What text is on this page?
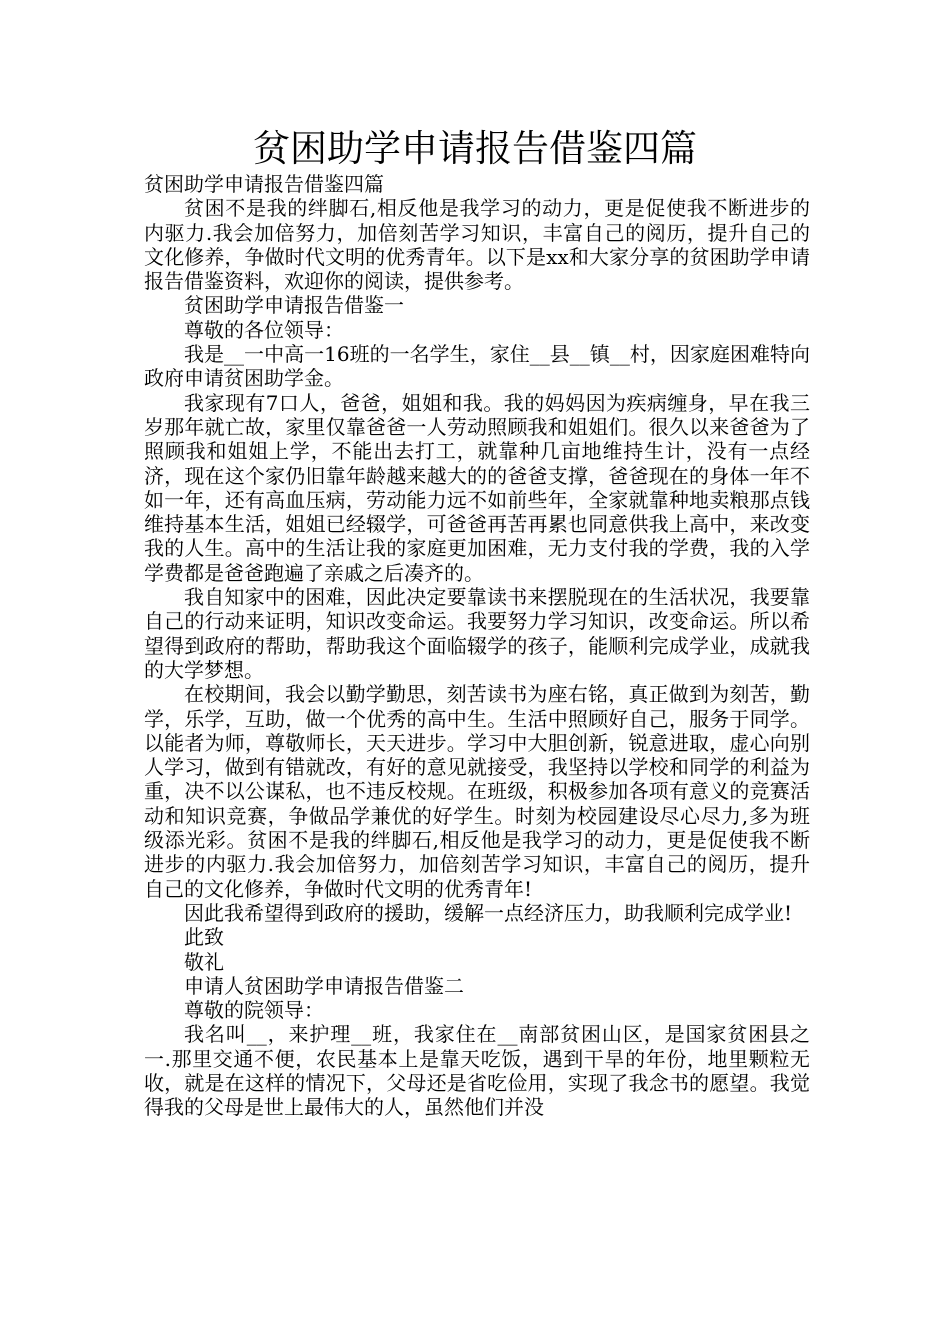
贫困助学申请报告借鉴四篇

贫困助学申请报告借鉴四篇

贫困不是我的绊脚石,相反他是我学习的动力，更是促使我不断进步的内驱力.我会加倍努力，加倍刻苦学习知识，丰富自己的阅历，提升自己的文化修养，争做时代文明的优秀青年。以下是xx和大家分享的贫困助学申请报告借鉴资料，欢迎你的阅读，提供参考。

贫困助学申请报告借鉴一

尊敬的各位领导：

我是__一中高一16班的一名学生，家住__县__镇__村，因家庭困难特向政府申请贫困助学金。

我家现有7口人，爸爸，姐姐和我。我的妈妈因为疾病缠身，早在我三岁那年就亡故，家里仅靠爸爸一人劳动照顾我和姐姐们。很久以来爸爸为了照顾我和姐姐上学，不能出去打工，就靠种几亩地维持生计，没有一点经济，现在这个家仍旧靠年龄越来越大的的爸爸支撑，爸爸现在的身体一年不如一年，还有高血压病，劳动能力远不如前些年，全家就靠种地卖粮那点钱维持基本生活，姐姐已经辍学，可爸爸再苦再累也同意供我上高中，来改变我的人生。高中的生活让我的家庭更加困难，无力支付我的学费，我的入学学费都是爸爸跑遍了亲戚之后凑齐的。

我自知家中的困难，因此决定要靠读书来摆脱现在的生活状况，我要靠自己的行动来证明，知识改变命运。我要努力学习知识，改变命运。所以希望得到政府的帮助，帮助我这个面临辍学的孩子，能顺利完成学业，成就我的大学梦想。

在校期间，我会以勤学勤思，刻苦读书为座右铭，真正做到为刻苦，勤学，乐学，互助，做一个优秀的高中生。生活中照顾好自己，服务于同学。以能者为师，尊敬师长，天天进步。学习中大胆创新，锐意进取，虚心向别人学习，做到有错就改，有好的意见就接受，我坚持以学校和同学的利益为重，决不以公谋私，也不违反校规。在班级，积极参加各项有意义的竞赛活动和知识竞赛，争做品学兼优的好学生。时刻为校园建设尽心尽力,多为班级添光彩。贫困不是我的绊脚石,相反他是我学习的动力，更是促使我不断进步的内驱力.我会加倍努力，加倍刻苦学习知识，丰富自己的阅历，提升自己的文化修养，争做时代文明的优秀青年!

因此我希望得到政府的援助，缓解一点经济压力，助我顺利完成学业!

此致

敬礼

申请人贫困助学申请报告借鉴二

尊敬的院领导：

我名叫__，来护理__班，我家住在__南部贫困山区，是国家贫困县之一.那里交通不便，农民基本上是靠天吃饭，遇到干旱的年份，地里颗粒无收，就是在这样的情况下，父母还是省吃俭用，实现了我念书的愿望。我觉得我的父母是世上最伟大的人，虽然他们并没
